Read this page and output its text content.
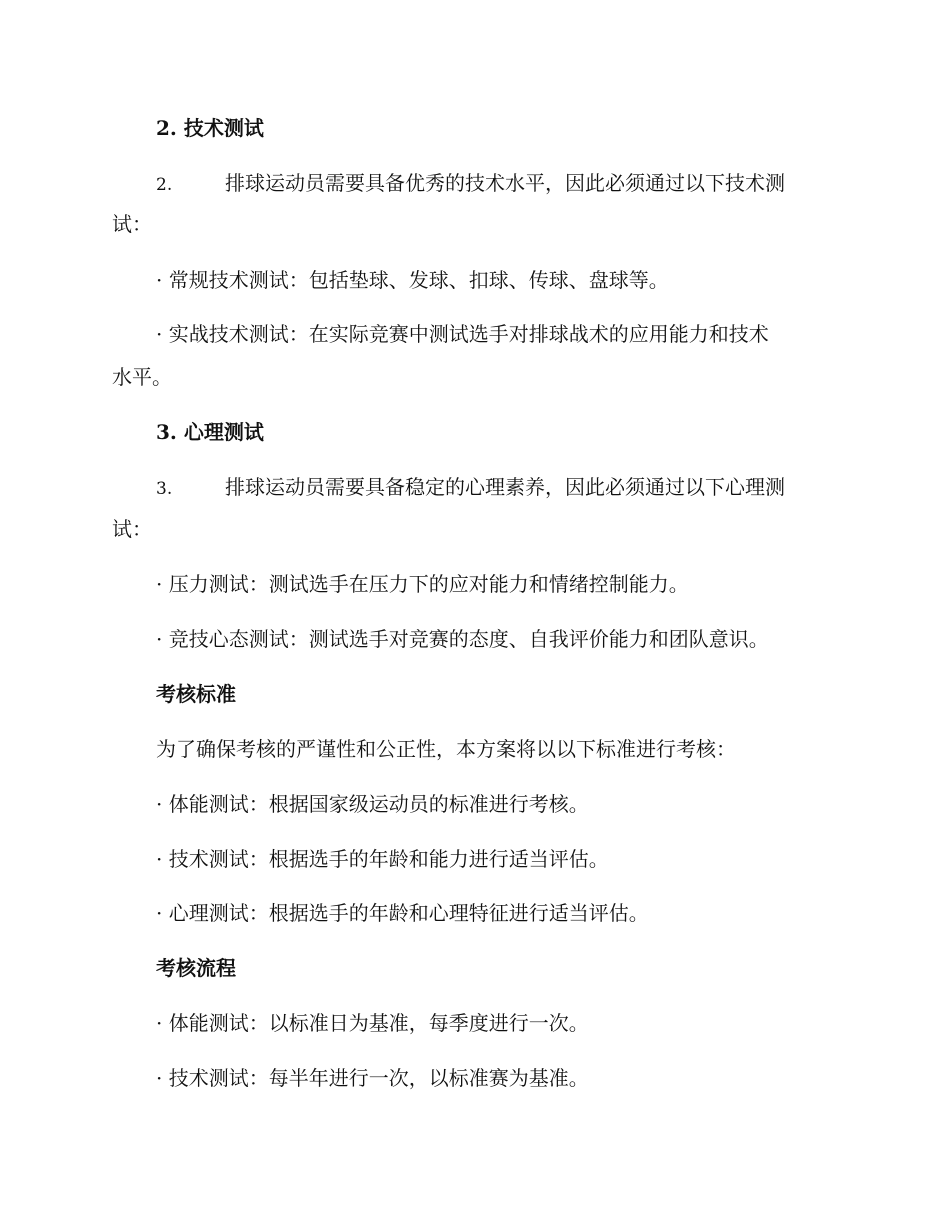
2. 技术测试
2.	排球运动员需要具备优秀的技术水平，因此必须通过以下技术测
试：
· 常规技术测试：包括垫球、发球、扣球、传球、盘球等。
· 实战技术测试：在实际竞赛中测试选手对排球战术的应用能力和技术
水平。
3. 心理测试
3.	排球运动员需要具备稳定的心理素养，因此必须通过以下心理测
试：
· 压力测试：测试选手在压力下的应对能力和情绪控制能力。
· 竞技心态测试：测试选手对竞赛的态度、自我评价能力和团队意识。
考核标准
为了确保考核的严谨性和公正性，本方案将以以下标准进行考核：
· 体能测试：根据国家级运动员的标准进行考核。
· 技术测试：根据选手的年龄和能力进行适当评估。
· 心理测试：根据选手的年龄和心理特征进行适当评估。
考核流程
· 体能测试：以标准日为基准，每季度进行一次。
· 技术测试：每半年进行一次，以标准赛为基准。
